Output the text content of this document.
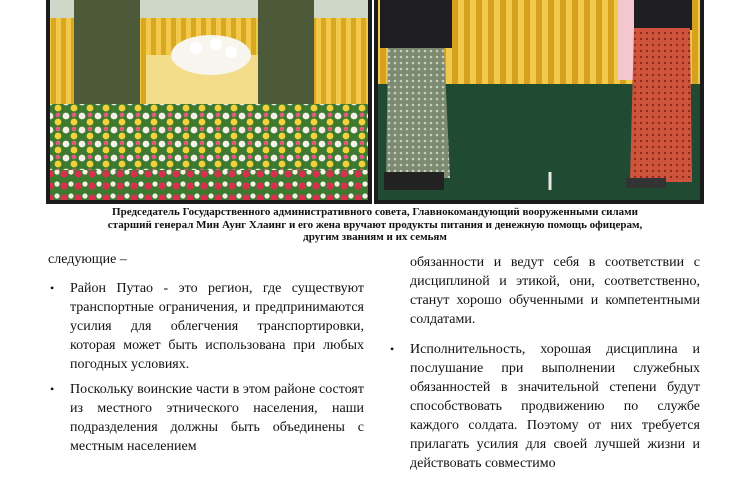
Председатель Государственного административного совета, Главнокомандующий вооруженными силами
старший генерал Мин Аунг Хлаинг и его жена вручают продукты питания и денежную помощь офицерам,
другим званиям и их семьям

следующие –

• Район Путао - это регион, где существуют транспортные ограничения, и предпринимаются усилия для облегчения транспортировки, которая может быть использована при любых погодных условиях.
• Поскольку воинские части в этом районе состоят из местного этнического населения, наши подразделения должны быть объединены с местным населением

обязанности и ведут себя в соответствии с дисциплиной и этикой, они, соответственно, станут хорошо обученными и компетентными солдатами.

• Исполнительность, хорошая дисциплина и послушание при выполнении служебных обязанностей в значительной степени будут способствовать продвижению по службе каждого солдата. Поэтому от них требуется прилагать усилия для своей лучшей жизни и действовать совместимо
